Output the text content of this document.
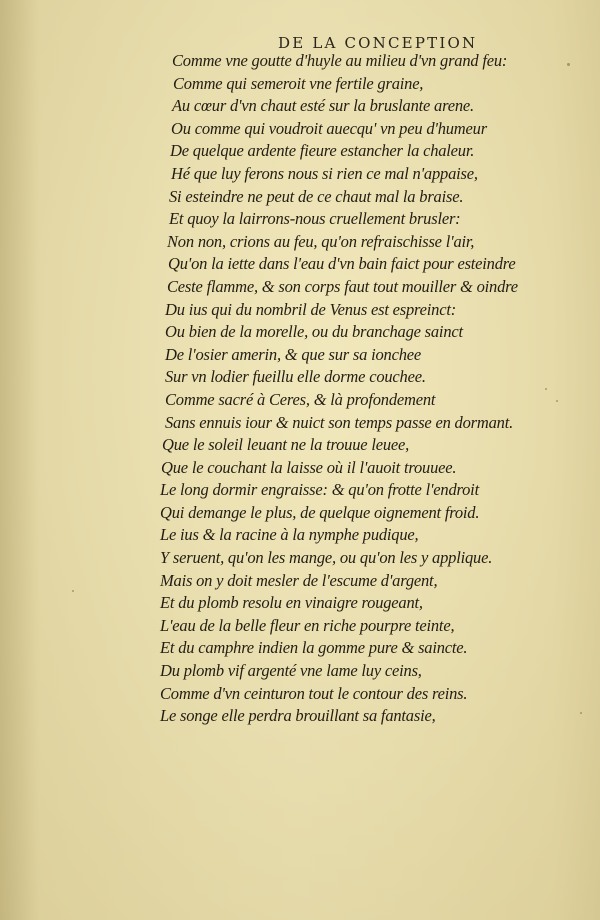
DE LA CONCEPTION
Comme vne goutte d'huyle au milieu d'vn grand feu:
Comme qui semeroit vne fertile graine,
Au cœur d'vn chaut esté sur la bruslante arene.
Ou comme qui voudroit auecqu' vn peu d'humeur
De quelque ardente fieure estancher la chaleur.
Hé que luy ferons nous si rien ce mal n'appaise,
Si esteindre ne peut de ce chaut mal la braise.
Et quoy la lairrons-nous cruellement brusler:
Non non, crions au feu, qu'on refraischisse l'air,
Qu'on la iette dans l'eau d'vn bain faict pour esteindre
Ceste flamme, & son corps faut tout mouiller & oindre
Du ius qui du nombril de Venus est espreinct:
Ou bien de la morelle, ou du branchage sainct
De l'osier amerin, & que sur sa ionchee
Sur vn lodier fueillu elle dorme couchee.
Comme sacré à Ceres, & là profondement
Sans ennuis iour & nuict son temps passe en dormant.
Que le soleil leuant ne la trouue leuee,
Que le couchant la laisse où il l'auoit trouuee.
Le long dormir engraisse: & qu'on frotte l'endroit
Qui demange le plus, de quelque oignement froid.
Le ius & la racine à la nymphe pudique,
Y seruent, qu'on les mange, ou qu'on les y applique.
Mais on y doit mesler de l'escume d'argent,
Et du plomb resolu en vinaigre rougeant,
L'eau de la belle fleur en riche pourpre teinte,
Et du camphre indien la gomme pure & saincte.
Du plomb vif argenté vne lame luy ceins,
Comme d'vn ceinturon tout le contour des reins.
Le songe elle perdra brouillant sa fantasie,
